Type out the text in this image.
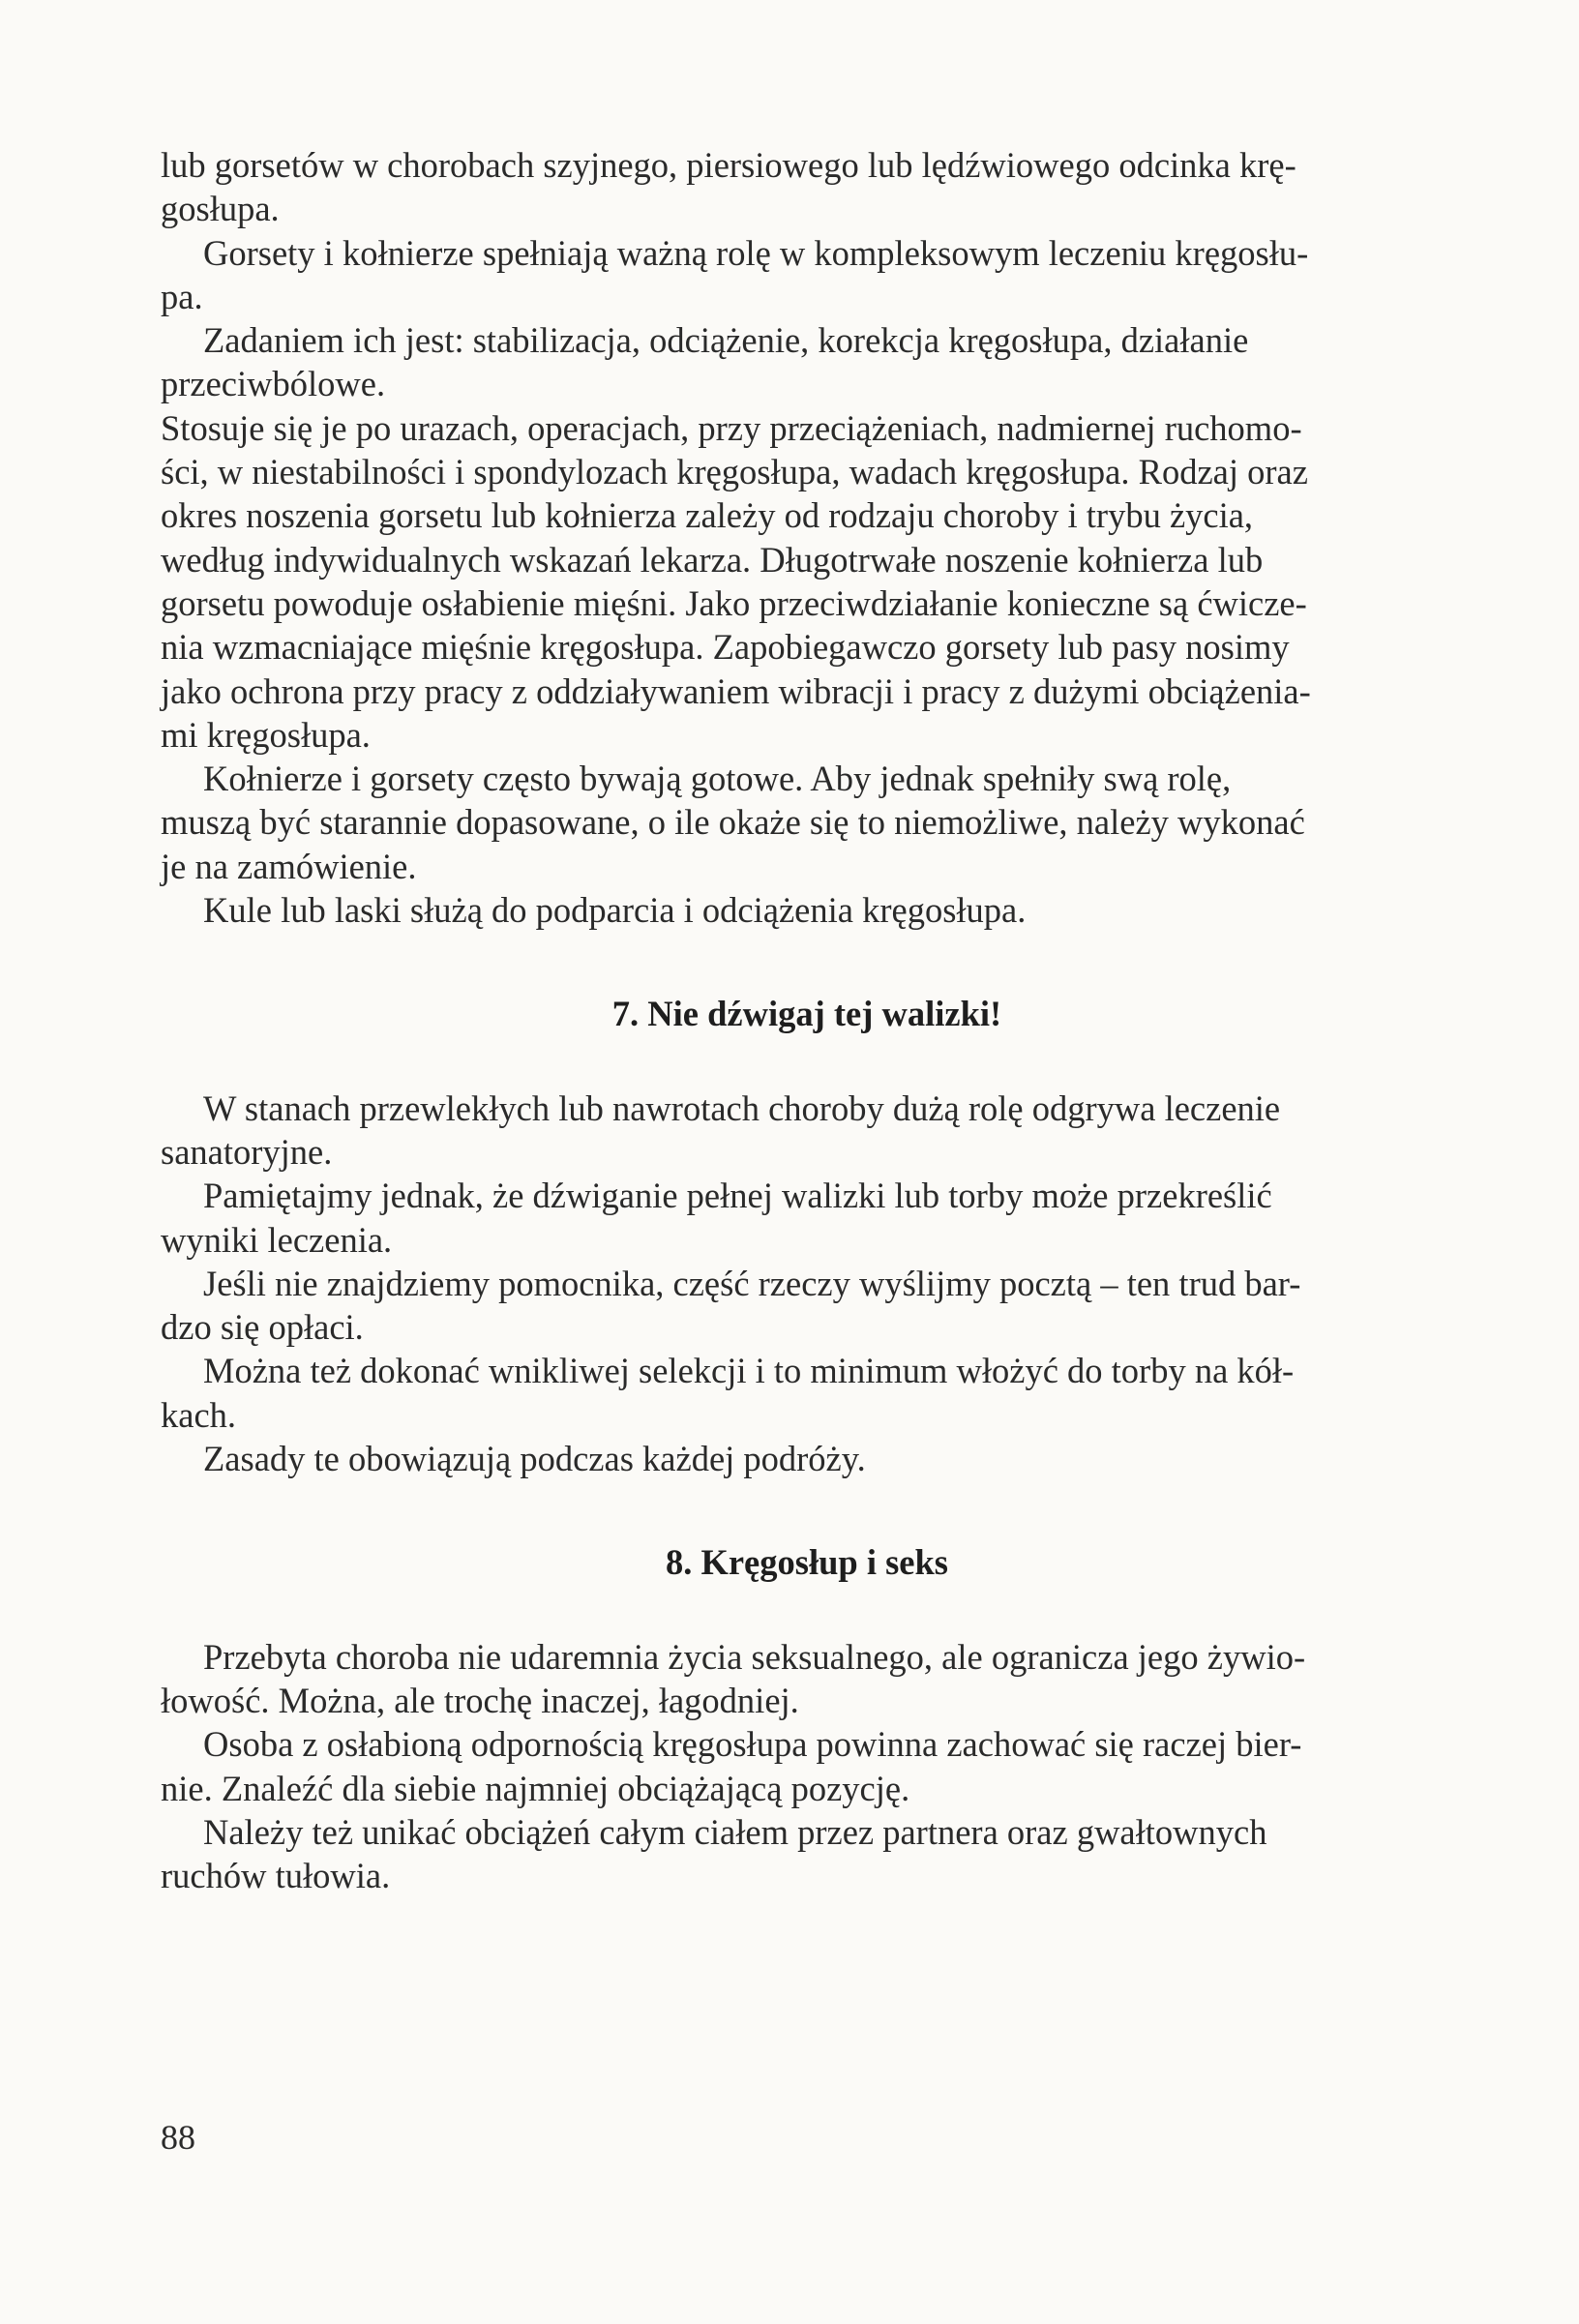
lub gorsetów w chorobach szyjnego, piersiowego lub lędźwiowego odcinka krę-
gosłupa.

Gorsety i kołnierze spełniają ważną rolę w kompleksowym leczeniu kręgosłu-
pa.

Zadaniem ich jest: stabilizacja, odciążenie, korekcja kręgosłupa, działanie
przeciwbólowe.

Stosuje się je po urazach, operacjach, przy przeciążeniach, nadmiernej ruchomo-
ści, w niestabilności i spondylozach kręgosłupa, wadach kręgosłupa. Rodzaj oraz
okres noszenia gorsetu lub kołnierza zależy od rodzaju choroby i trybu życia,
według indywidualnych wskazań lekarza. Długotrwałe noszenie kołnierza lub
gorsetu powoduje osłabienie mięśni. Jako przeciwdziałanie konieczne są ćwicze-
nia wzmacniające mięśnie kręgosłupa. Zapobiegawczo gorsety lub pasy nosimy
jako ochrona przy pracy z oddziaływaniem wibracji i pracy z dużymi obciążenia-
mi kręgosłupa.

Kołnierze i gorsety często bywają gotowe. Aby jednak spełniły swą rolę,
muszą być starannie dopasowane, o ile okaże się to niemożliwe, należy wykonać
je na zamówienie.

Kule lub laski służą do podparcia i odciążenia kręgosłupa.

7. Nie dźwigaj tej walizki!

W stanach przewlekłych lub nawrotach choroby dużą rolę odgrywa leczenie
sanatoryjne.

Pamiętajmy jednak, że dźwiganie pełnej walizki lub torby może przekreślić
wyniki leczenia.

Jeśli nie znajdziemy pomocnika, część rzeczy wyślijmy pocztą – ten trud bar-
dzo się opłaci.

Można też dokonać wnikliwej selekcji i to minimum włożyć do torby na kół-
kach.

Zasady te obowiązują podczas każdej podróży.

8. Kręgosłup i seks

Przebyta choroba nie udaremnia życia seksualnego, ale ogranicza jego żywio-
łowość. Można, ale trochę inaczej, łagodniej.

Osoba z osłabioną odpornością kręgosłupa powinna zachować się raczej bier-
nie. Znaleźć dla siebie najmniej obciążającą pozycję.

Należy też unikać obciążeń całym ciałem przez partnera oraz gwałtownych
ruchów tułowia.

88
